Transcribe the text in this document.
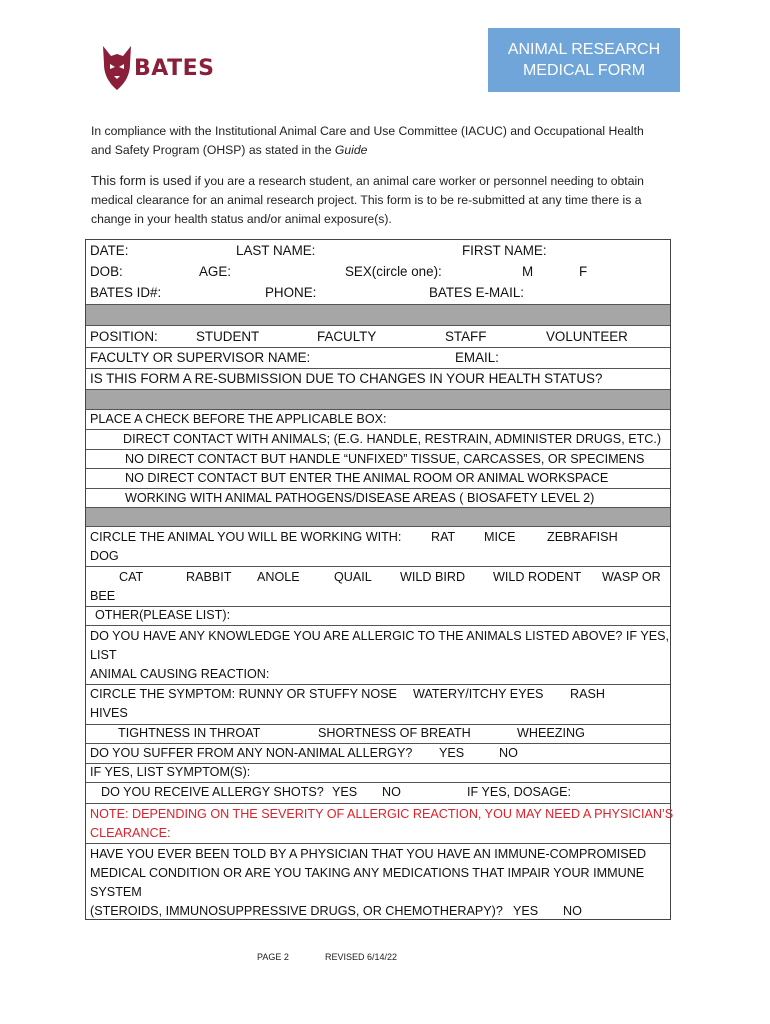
BATES
ANIMAL RESEARCH
MEDICAL FORM
In compliance with the Institutional Animal Care and Use Committee (IACUC) and Occupational Health
and Safety Program (OHSP) as stated in the Guide
This form is used if you are a research student, an animal care worker or personnel needing to obtain
medical clearance for an animal research project. This form is to be re-submitted at any time there is a
change in your health status and/or animal exposure(s).
DATE:	LAST NAME:	FIRST NAME:
DOB:	AGE:	SEX(circle one):	M	F
BATES ID#:	PHONE:	BATES E-MAIL:
POSITION:	STUDENT	FACULTY	STAFF	VOLUNTEER
FACULTY OR SUPERVISOR NAME:	EMAIL:
IS THIS FORM A RE-SUBMISSION DUE TO CHANGES IN YOUR HEALTH STATUS?
PLACE A CHECK BEFORE THE APPLICABLE BOX:
DIRECT CONTACT WITH ANIMALS; (E.G. HANDLE, RESTRAIN, ADMINISTER DRUGS, ETC.)
NO DIRECT CONTACT BUT HANDLE “UNFIXED” TISSUE, CARCASSES, OR SPECIMENS
NO DIRECT CONTACT BUT ENTER THE ANIMAL ROOM OR ANIMAL WORKSPACE
WORKING WITH ANIMAL PATHOGENS/DISEASE AREAS ( BIOSAFETY LEVEL 2)
CIRCLE THE ANIMAL YOU WILL BE WORKING WITH: RAT MICE	ZEBRAFISH
DOG
CAT	RABBIT ANOLE	QUAIL WILD BIRD WILD RODENT WASP OR
BEE
OTHER(PLEASE LIST):
DO YOU HAVE ANY KNOWLEDGE YOU ARE ALLERGIC TO THE ANIMALS LISTED ABOVE? IF YES,
LIST
ANIMAL CAUSING REACTION:
CIRCLE THE SYMPTOM: RUNNY OR STUFFY NOSE WATERY/ITCHY EYES RASH
HIVES
TIGHTNESS IN THROAT	SHORTNESS OF BREATH	WHEEZING
DO YOU SUFFER FROM ANY NON-ANIMAL ALLERGY? YES	NO
IF YES, LIST SYMPTOM(S):
DO YOU RECEIVE ALLERGY SHOTS? YES NO	IF YES, DOSAGE:
NOTE: DEPENDING ON THE SEVERITY OF ALLERGIC REACTION, YOU MAY NEED A PHYSICIAN’S
CLEARANCE:
HAVE YOU EVER BEEN TOLD BY A PHYSICIAN THAT YOU HAVE AN IMMUNE-COMPROMISED
MEDICAL CONDITION OR ARE YOU TAKING ANY MEDICATIONS THAT IMPAIR YOUR IMMUNE
SYSTEM
(STEROIDS, IMMUNOSUPPRESSIVE DRUGS, OR CHEMOTHERAPY)? YES NO
PAGE 2	REVISED 6/14/22
